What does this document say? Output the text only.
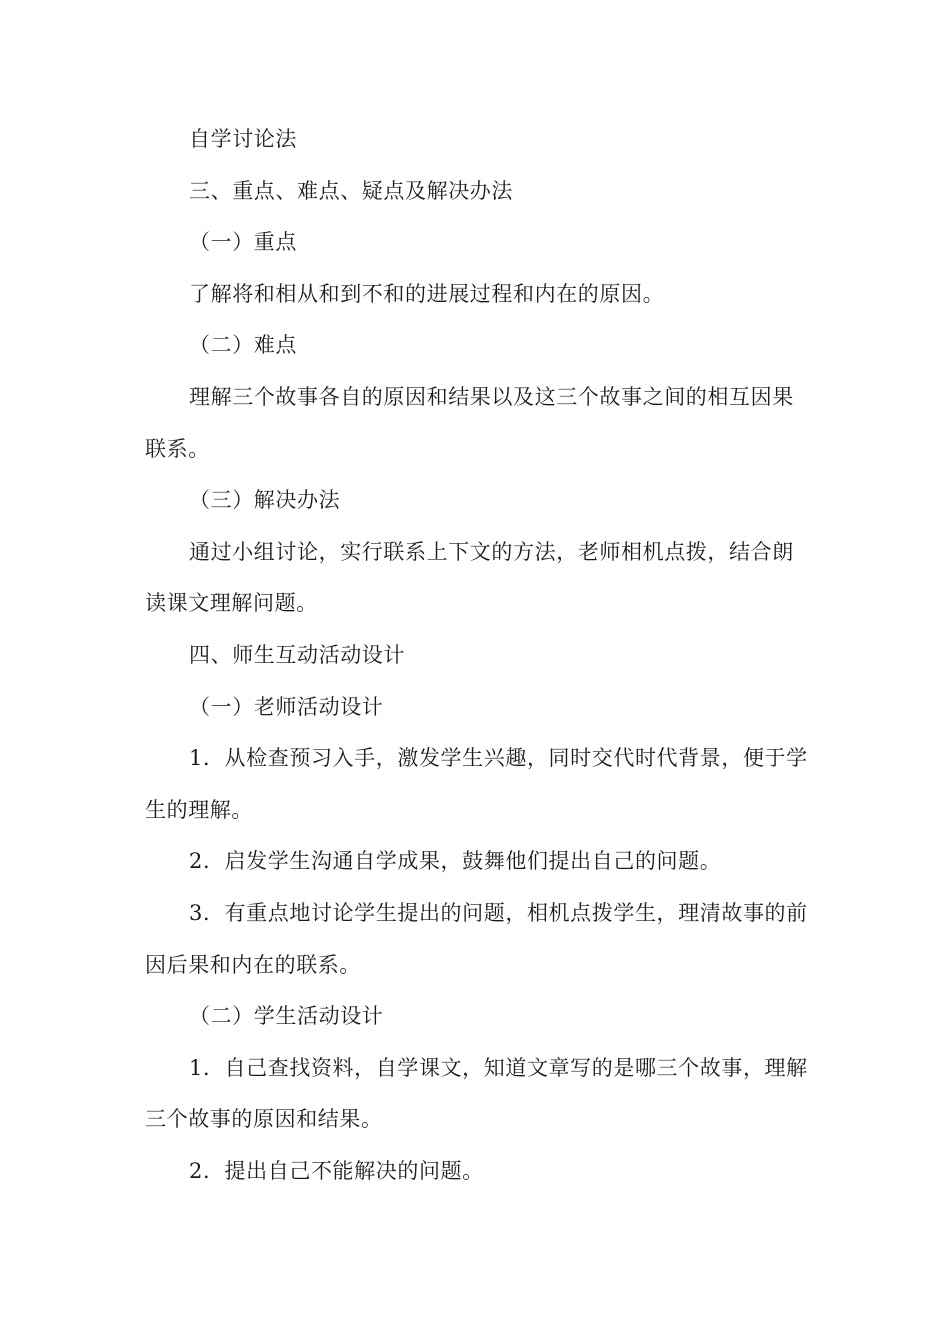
自学讨论法

三、重点、难点、疑点及解决办法

（一）重点

了解将和相从和到不和的进展过程和内在的原因。

（二）难点

理解三个故事各自的原因和结果以及这三个故事之间的相互因果联系。

（三）解决办法

通过小组讨论，实行联系上下文的方法，老师相机点拨，结合朗读课文理解问题。

四、师生互动活动设计

（一）老师活动设计

1．从检查预习入手，激发学生兴趣，同时交代时代背景，便于学生的理解。

2．启发学生沟通自学成果，鼓舞他们提出自己的问题。

3．有重点地讨论学生提出的问题，相机点拨学生，理清故事的前因后果和内在的联系。

（二）学生活动设计

1．自己查找资料，自学课文，知道文章写的是哪三个故事，理解三个故事的原因和结果。

2．提出自己不能解决的问题。
